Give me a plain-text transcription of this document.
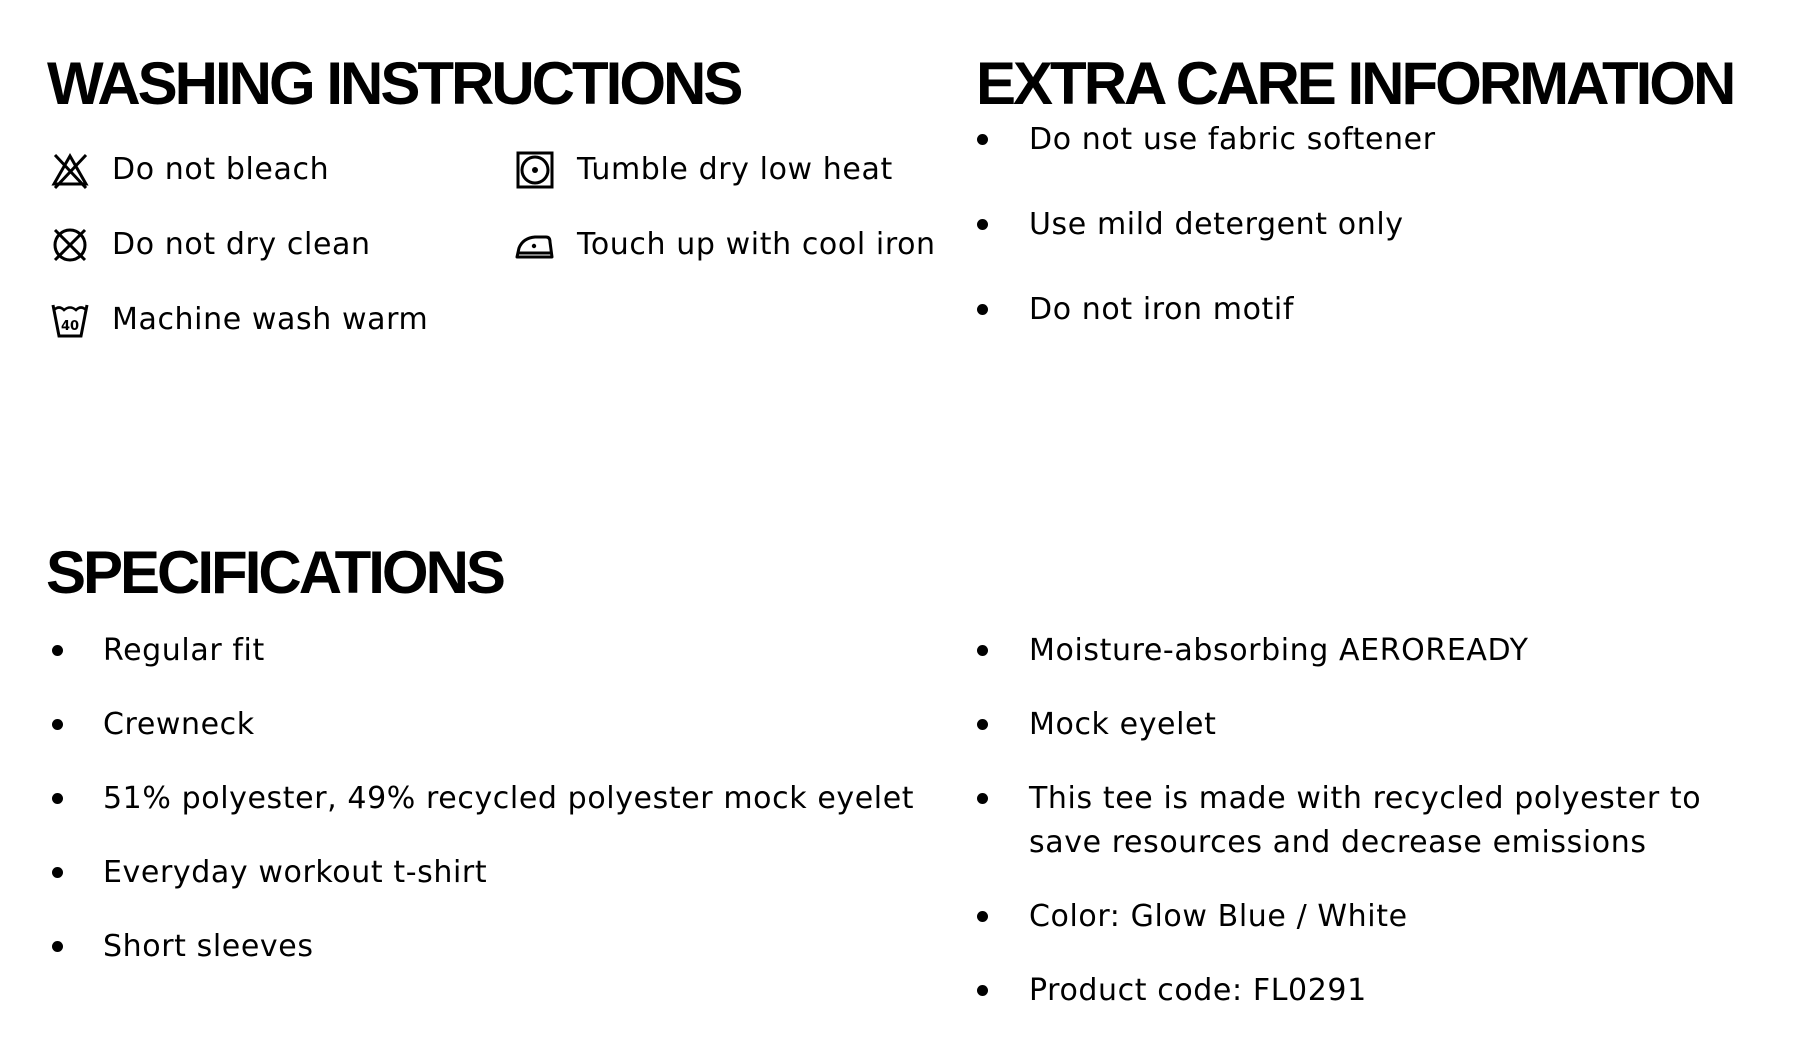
WASHING INSTRUCTIONS
Do not bleach
Do not dry clean
40 Machine wash warm
Tumble dry low heat
Touch up with cool iron
EXTRA CARE INFORMATION
Do not use fabric softener
Use mild detergent only
Do not iron motif
SPECIFICATIONS
Regular fit
Crewneck
51% polyester, 49% recycled polyester mock eyelet
Everyday workout t-shirt
Short sleeves
Moisture-absorbing AEROREADY
Mock eyelet
This tee is made with recycled polyester to save resources and decrease emissions
Color: Glow Blue / White
Product code: FL0291
